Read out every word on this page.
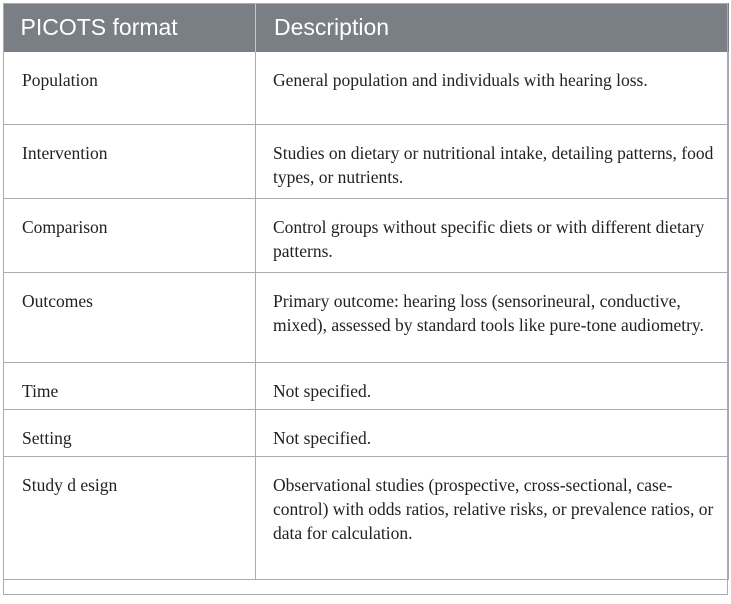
PICOTS format	Description
Population	General population and individuals with hearing loss.
Intervention	Studies on dietary or nutritional intake, detailing patterns, food types, or nutrients.
Comparison	Control groups without specific diets or with different dietary patterns.
Outcomes	Primary outcome: hearing loss (sensorineural, conductive, mixed), assessed by standard tools like pure-tone audiometry.
Time	Not specified.
Setting	Not specified.
Study d esign	Observational studies (prospective, cross-sectional, case-control) with odds ratios, relative risks, or prevalence ratios, or data for calculation.
